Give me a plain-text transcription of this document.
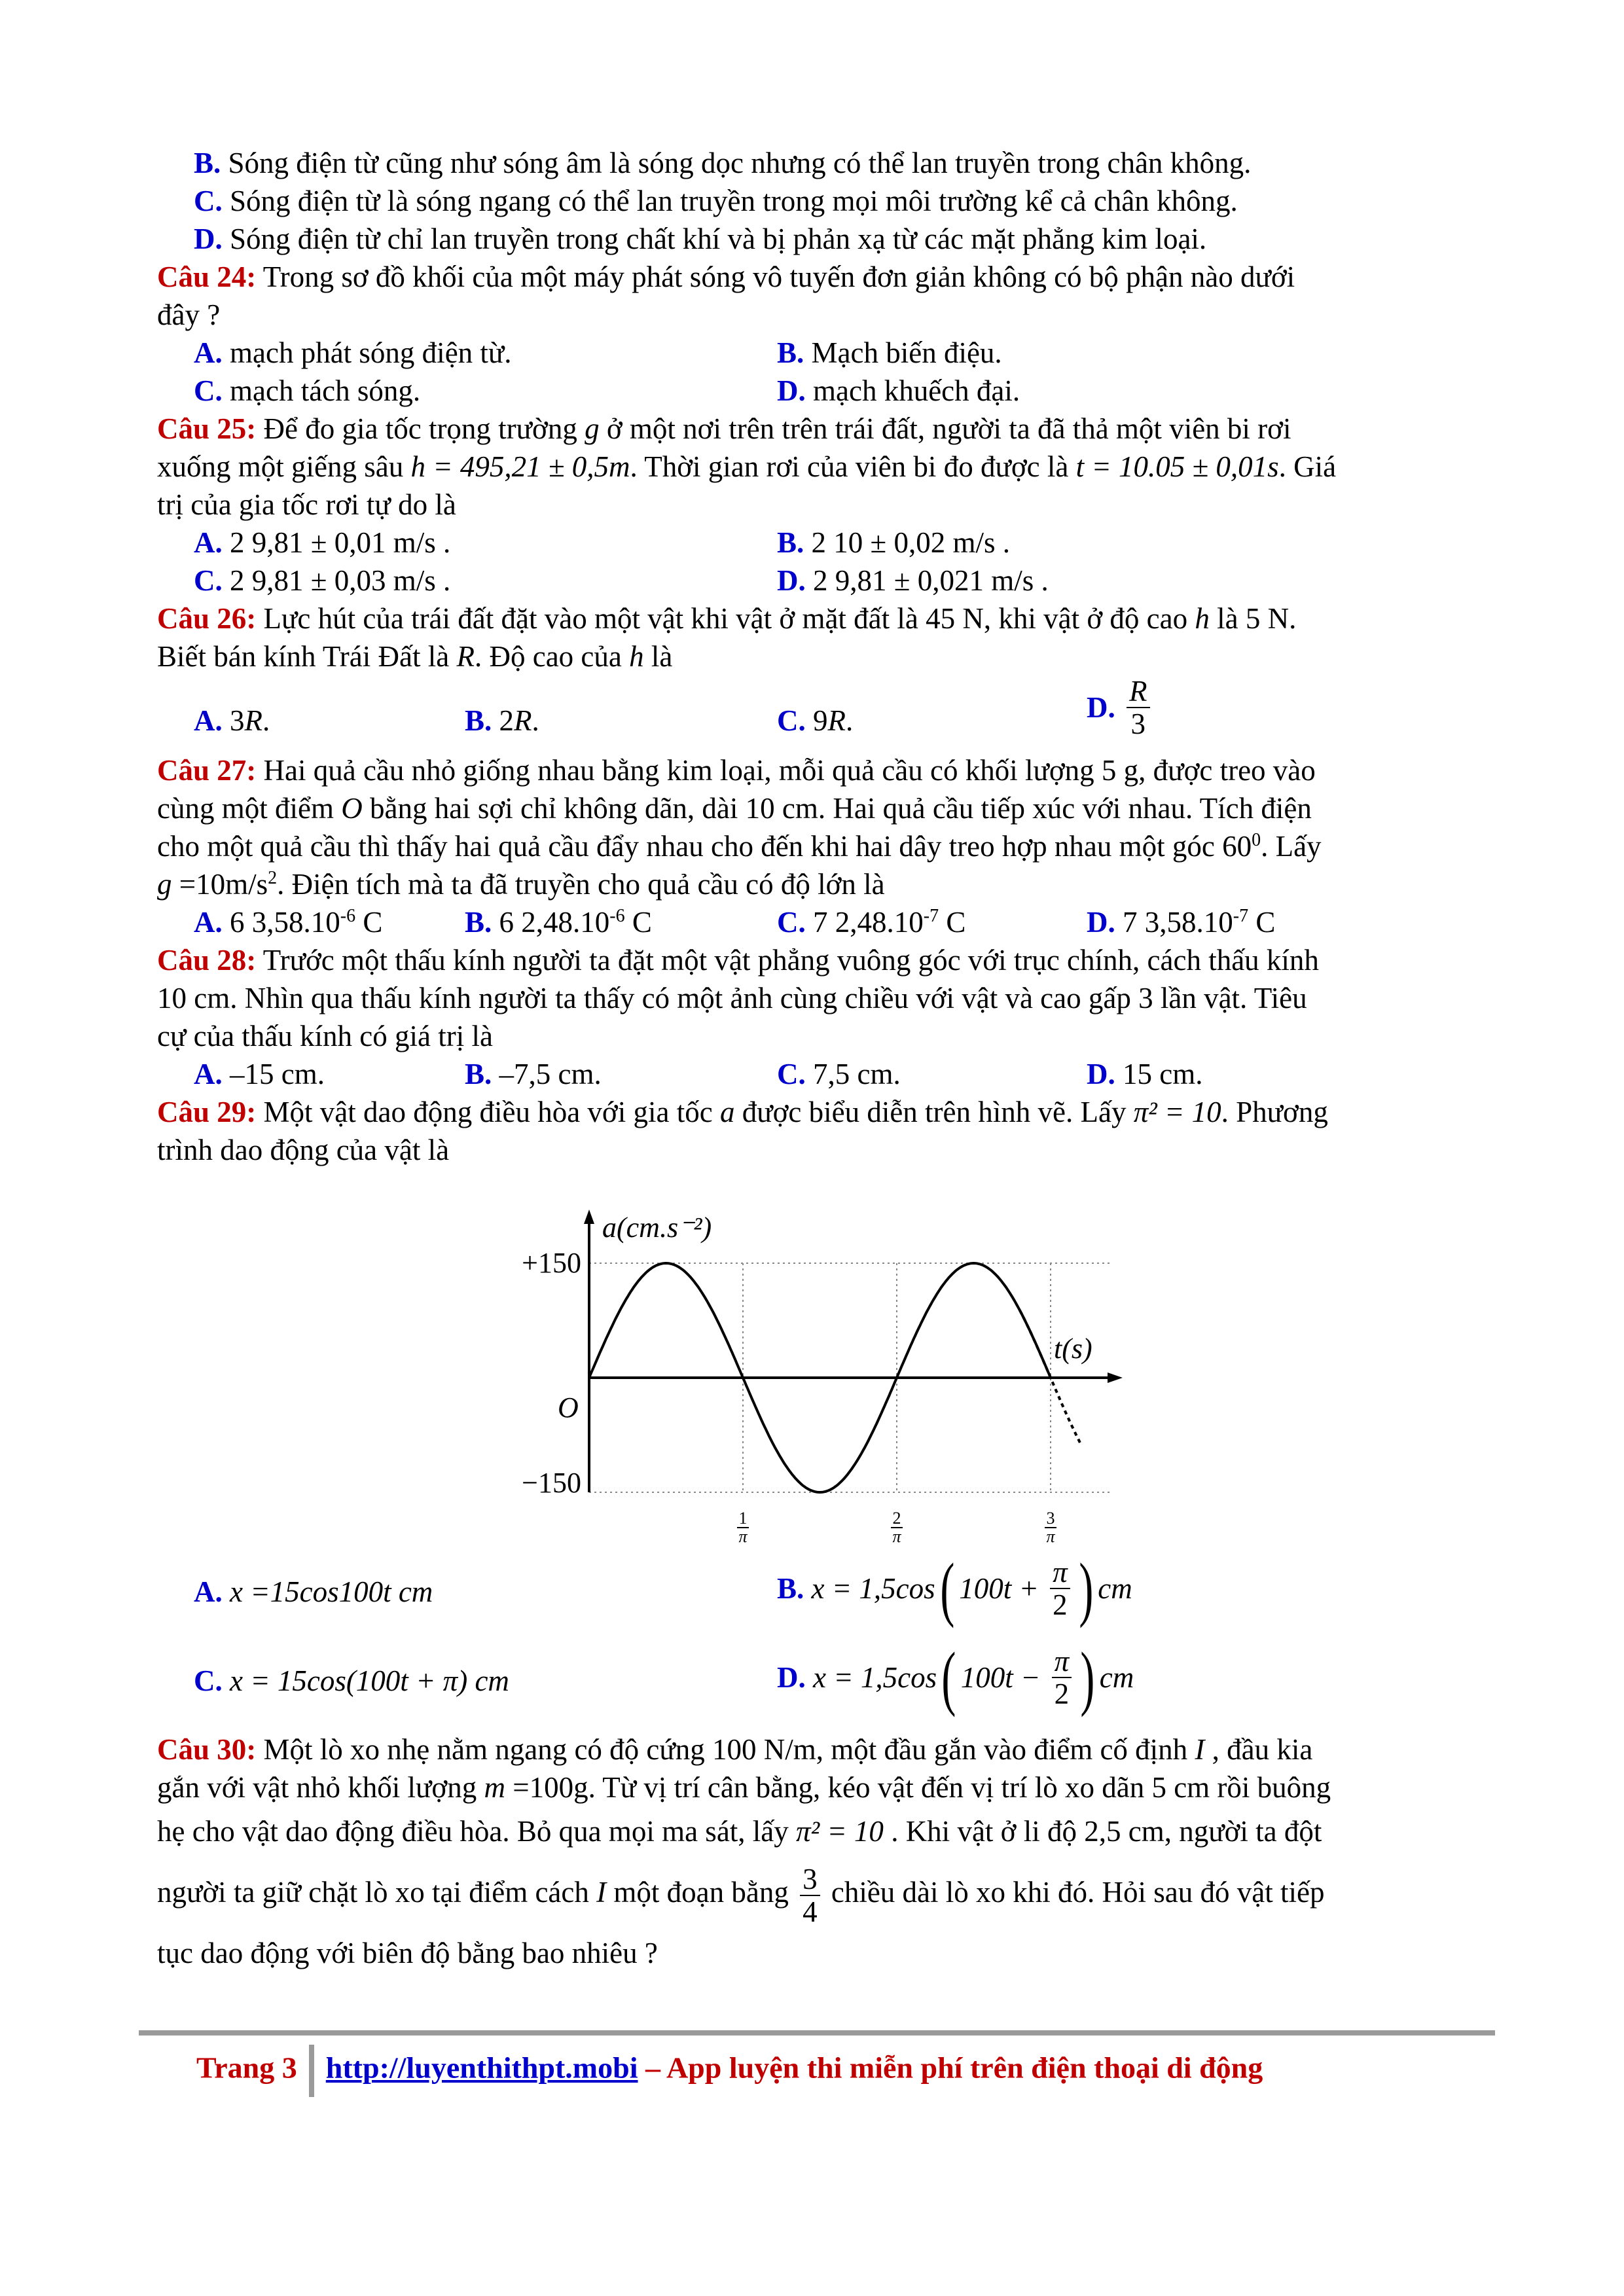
B. Sóng điện từ cũng như sóng âm là sóng dọc nhưng có thể lan truyền trong chân không.
C. Sóng điện từ là sóng ngang có thể lan truyền trong mọi môi trường kể cả chân không.
D. Sóng điện từ chỉ lan truyền trong chất khí và bị phản xạ từ các mặt phẳng kim loại.
Câu 24: Trong sơ đồ khối của một máy phát sóng vô tuyến đơn giản không có bộ phận nào dưới
đây ?
A. mạch phát sóng điện từ.	B. Mạch biến điệu.
C. mạch tách sóng.	D. mạch khuếch đại.
Câu 25: Để đo gia tốc trọng trường g ở một nơi trên trên trái đất, người ta đã thả một viên bi rơi
xuống một giếng sâu h = 495,21 ± 0,5m. Thời gian rơi của viên bi đo được là t = 10.05 ± 0,01s. Giá
trị của gia tốc rơi tự do là
A. 2 9,81 ± 0,01 m/s .	B. 2 10 ± 0,02 m/s .
C. 2 9,81 ± 0,03 m/s .	D. 2 9,81 ± 0,021 m/s .
Câu 26: Lực hút của trái đất đặt vào một vật khi vật ở mặt đất là 45 N, khi vật ở độ cao h là 5 N.
Biết bán kính Trái Đất là R. Độ cao của h là
A. 3R.	B. 2R.	C. 9R.	D. $\frac{R}{3}$
Câu 27: Hai quả cầu nhỏ giống nhau bằng kim loại, mỗi quả cầu có khối lượng 5 g, được treo vào
cùng một điểm O bằng hai sợi chỉ không dãn, dài 10 cm. Hai quả cầu tiếp xúc với nhau. Tích điện
cho một quả cầu thì thấy hai quả cầu đẩy nhau cho đến khi hai dây treo hợp nhau một góc $60^0$. Lấy
$g =10m/s^2$. Điện tích mà ta đã truyền cho quả cầu có độ lớn là
A. 6 $3,58.10^{-6}$ C	B. 6 $2,48.10^{-6}$ C	C. 7 $2,48.10^{-7}$ C	D. 7 $3,58.10^{-7}$ C
Câu 28: Trước một thấu kính người ta đặt một vật phẳng vuông góc với trục chính, cách thấu kính
10 cm. Nhìn qua thấu kính người ta thấy có một ảnh cùng chiều với vật và cao gấp 3 lần vật. Tiêu
cự của thấu kính có giá trị là
A. –15 cm.	B. –7,5 cm.	C. 7,5 cm.	D. 15 cm.
Câu 29: Một vật dao động điều hòa với gia tốc a được biểu diễn trên hình vẽ. Lấy π² = 10. Phương
trình dao động của vật là
a(cm.s⁻²)
t(s)
O
+150
−150
1
π
2
π
3
π
A. x =15cos100t cm	B. x = 1,5cos( $100t + \frac{\pi}{2}$ ) cm
C. x = 15cos(100t + π) cm	D. x = 1,5cos( $100t - \frac{\pi}{2}$ ) cm
Câu 30: Một lò xo nhẹ nằm ngang có độ cứng 100 N/m, một đầu gắn vào điểm cố định I , đầu kia
gắn với vật nhỏ khối lượng m =100g. Từ vị trí cân bằng, kéo vật đến vị trí lò xo dãn 5 cm rồi buông
hẹ cho vật dao động điều hòa. Bỏ qua mọi ma sát, lấy π² = 10 . Khi vật ở li độ 2,5 cm, người ta đột
người ta giữ chặt lò xo tại điểm cách I một đoạn bằng $\frac{3}{4}$ chiều dài lò xo khi đó. Hỏi sau đó vật tiếp
tục dao động với biên độ bằng bao nhiêu ?
Trang 3 http://luyenthithpt.mobi – App luyện thi miễn phí trên điện thoại di động
